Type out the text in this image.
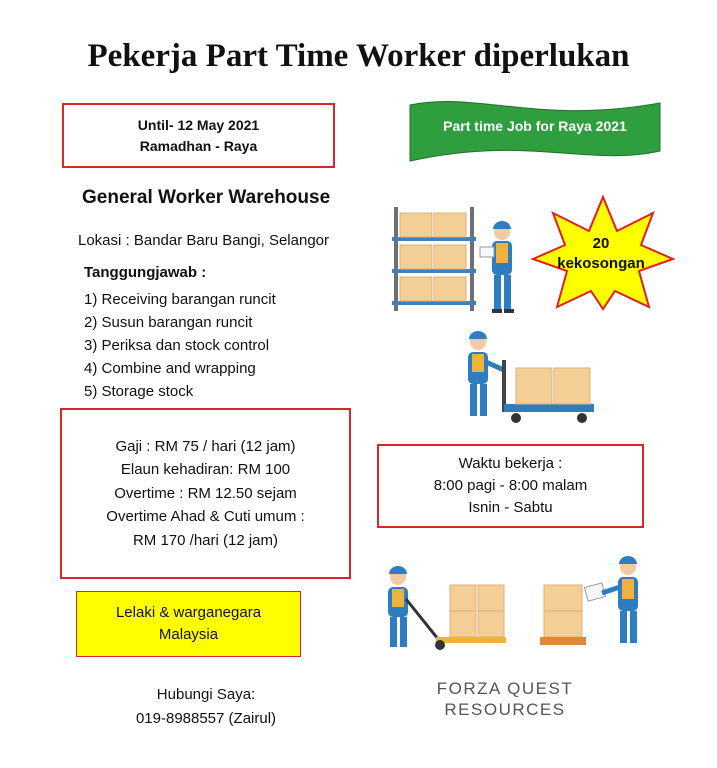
Pekerja Part Time Worker diperlukan
Until- 12 May 2021
Ramadhan - Raya
Part time Job for Raya 2021
General Worker Warehouse
Lokasi : Bandar Baru Bangi, Selangor
Tanggungjawab :
1) Receiving barangan runcit
2) Susun barangan runcit
3) Periksa dan stock control
4) Combine and wrapping
5) Storage stock
Gaji : RM 75 / hari (12 jam)
Elaun kehadiran: RM 100
Overtime : RM 12.50 sejam
Overtime Ahad & Cuti umum :
RM 170 /hari (12 jam)
Waktu bekerja :
8:00 pagi - 8:00 malam
Isnin - Sabtu
Lelaki & warganegara
Malaysia
Hubungi Saya:
019-8988557 (Zairul)
FORZA QUEST
RESOURCES
20
kekosongan
